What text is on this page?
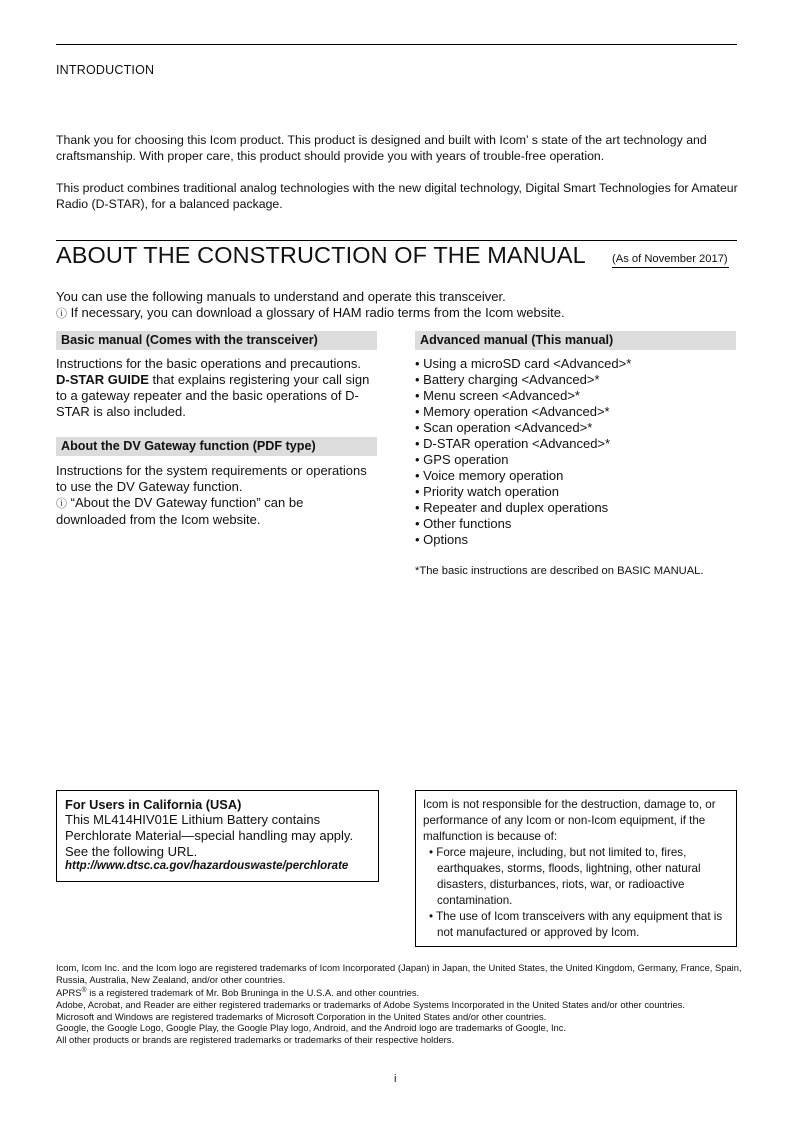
INTRODUCTION
Thank you for choosing this Icom product. This product is designed and built with Icom’ s state of the art technology and craftsmanship. With proper care, this product should provide you with years of trouble-free operation.
This product combines traditional analog technologies with the new digital technology, Digital Smart Technologies for Amateur Radio (D-STAR), for a balanced package.
ABOUT THE CONSTRUCTION OF THE MANUAL (As of November 2017)
You can use the following manuals to understand and operate this transceiver.
ⓘ If necessary, you can download a glossary of HAM radio terms from the Icom website.
Basic manual (Comes with the transceiver)
Instructions for the basic operations and precautions.
D-STAR GUIDE that explains registering your call sign to a gateway repeater and the basic operations of D-STAR is also included.
About the DV Gateway function (PDF type)
Instructions for the system requirements or operations to use the DV Gateway function.
ⓘ “About the DV Gateway function” can be downloaded from the Icom website.
Advanced manual (This manual)
• Using a microSD card <Advanced>*
• Battery charging <Advanced>*
• Menu screen <Advanced>*
• Memory operation <Advanced>*
• Scan operation <Advanced>*
• D-STAR operation <Advanced>*
• GPS operation
• Voice memory operation
• Priority watch operation
• Repeater and duplex operations
• Other functions
• Options
*The basic instructions are described on BASIC MANUAL.
For Users in California (USA)
This ML414HIV01E Lithium Battery contains
Perchlorate Material—special handling may apply.
See the following URL.
http://www.dtsc.ca.gov/hazardouswaste/perchlorate
Icom is not responsible for the destruction, damage to, or performance of any Icom or non-Icom equipment, if the malfunction is because of:
• Force majeure, including, but not limited to, fires, earthquakes, storms, floods, lightning, other natural disasters, disturbances, riots, war, or radioactive contamination.
• The use of Icom transceivers with any equipment that is not manufactured or approved by Icom.

Icom, Icom Inc. and the Icom logo are registered trademarks of Icom Incorporated (Japan) in Japan, the United States, the United Kingdom, Germany, France, Spain, Russia, Australia, New Zealand, and/or other countries.

APRS® is a registered trademark of Mr. Bob Bruninga in the U.S.A. and other countries.

Adobe, Acrobat, and Reader are either registered trademarks or trademarks of Adobe Systems Incorporated in the United States and/or other countries.

Microsoft and Windows are registered trademarks of Microsoft Corporation in the United States and/or other countries.

Google, the Google Logo, Google Play, the Google Play logo, Android, and the Android logo are trademarks of Google, Inc.

All other products or brands are registered trademarks or trademarks of their respective holders.

i
